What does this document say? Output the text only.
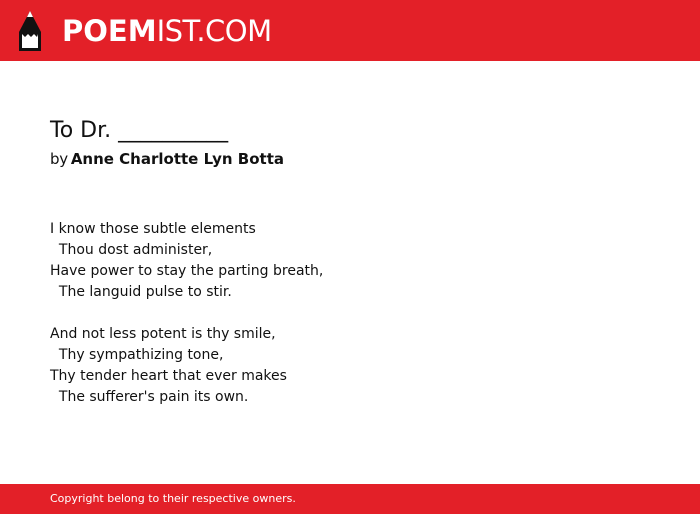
POEMIST.COM
To Dr. __________
by Anne Charlotte Lyn Botta
I know those subtle elements
Thou dost administer,
Have power to stay the parting breath,
The languid pulse to stir.
And not less potent is thy smile,
Thy sympathizing tone,
Thy tender heart that ever makes
The sufferer's pain its own.
Copyright belong to their respective owners.
